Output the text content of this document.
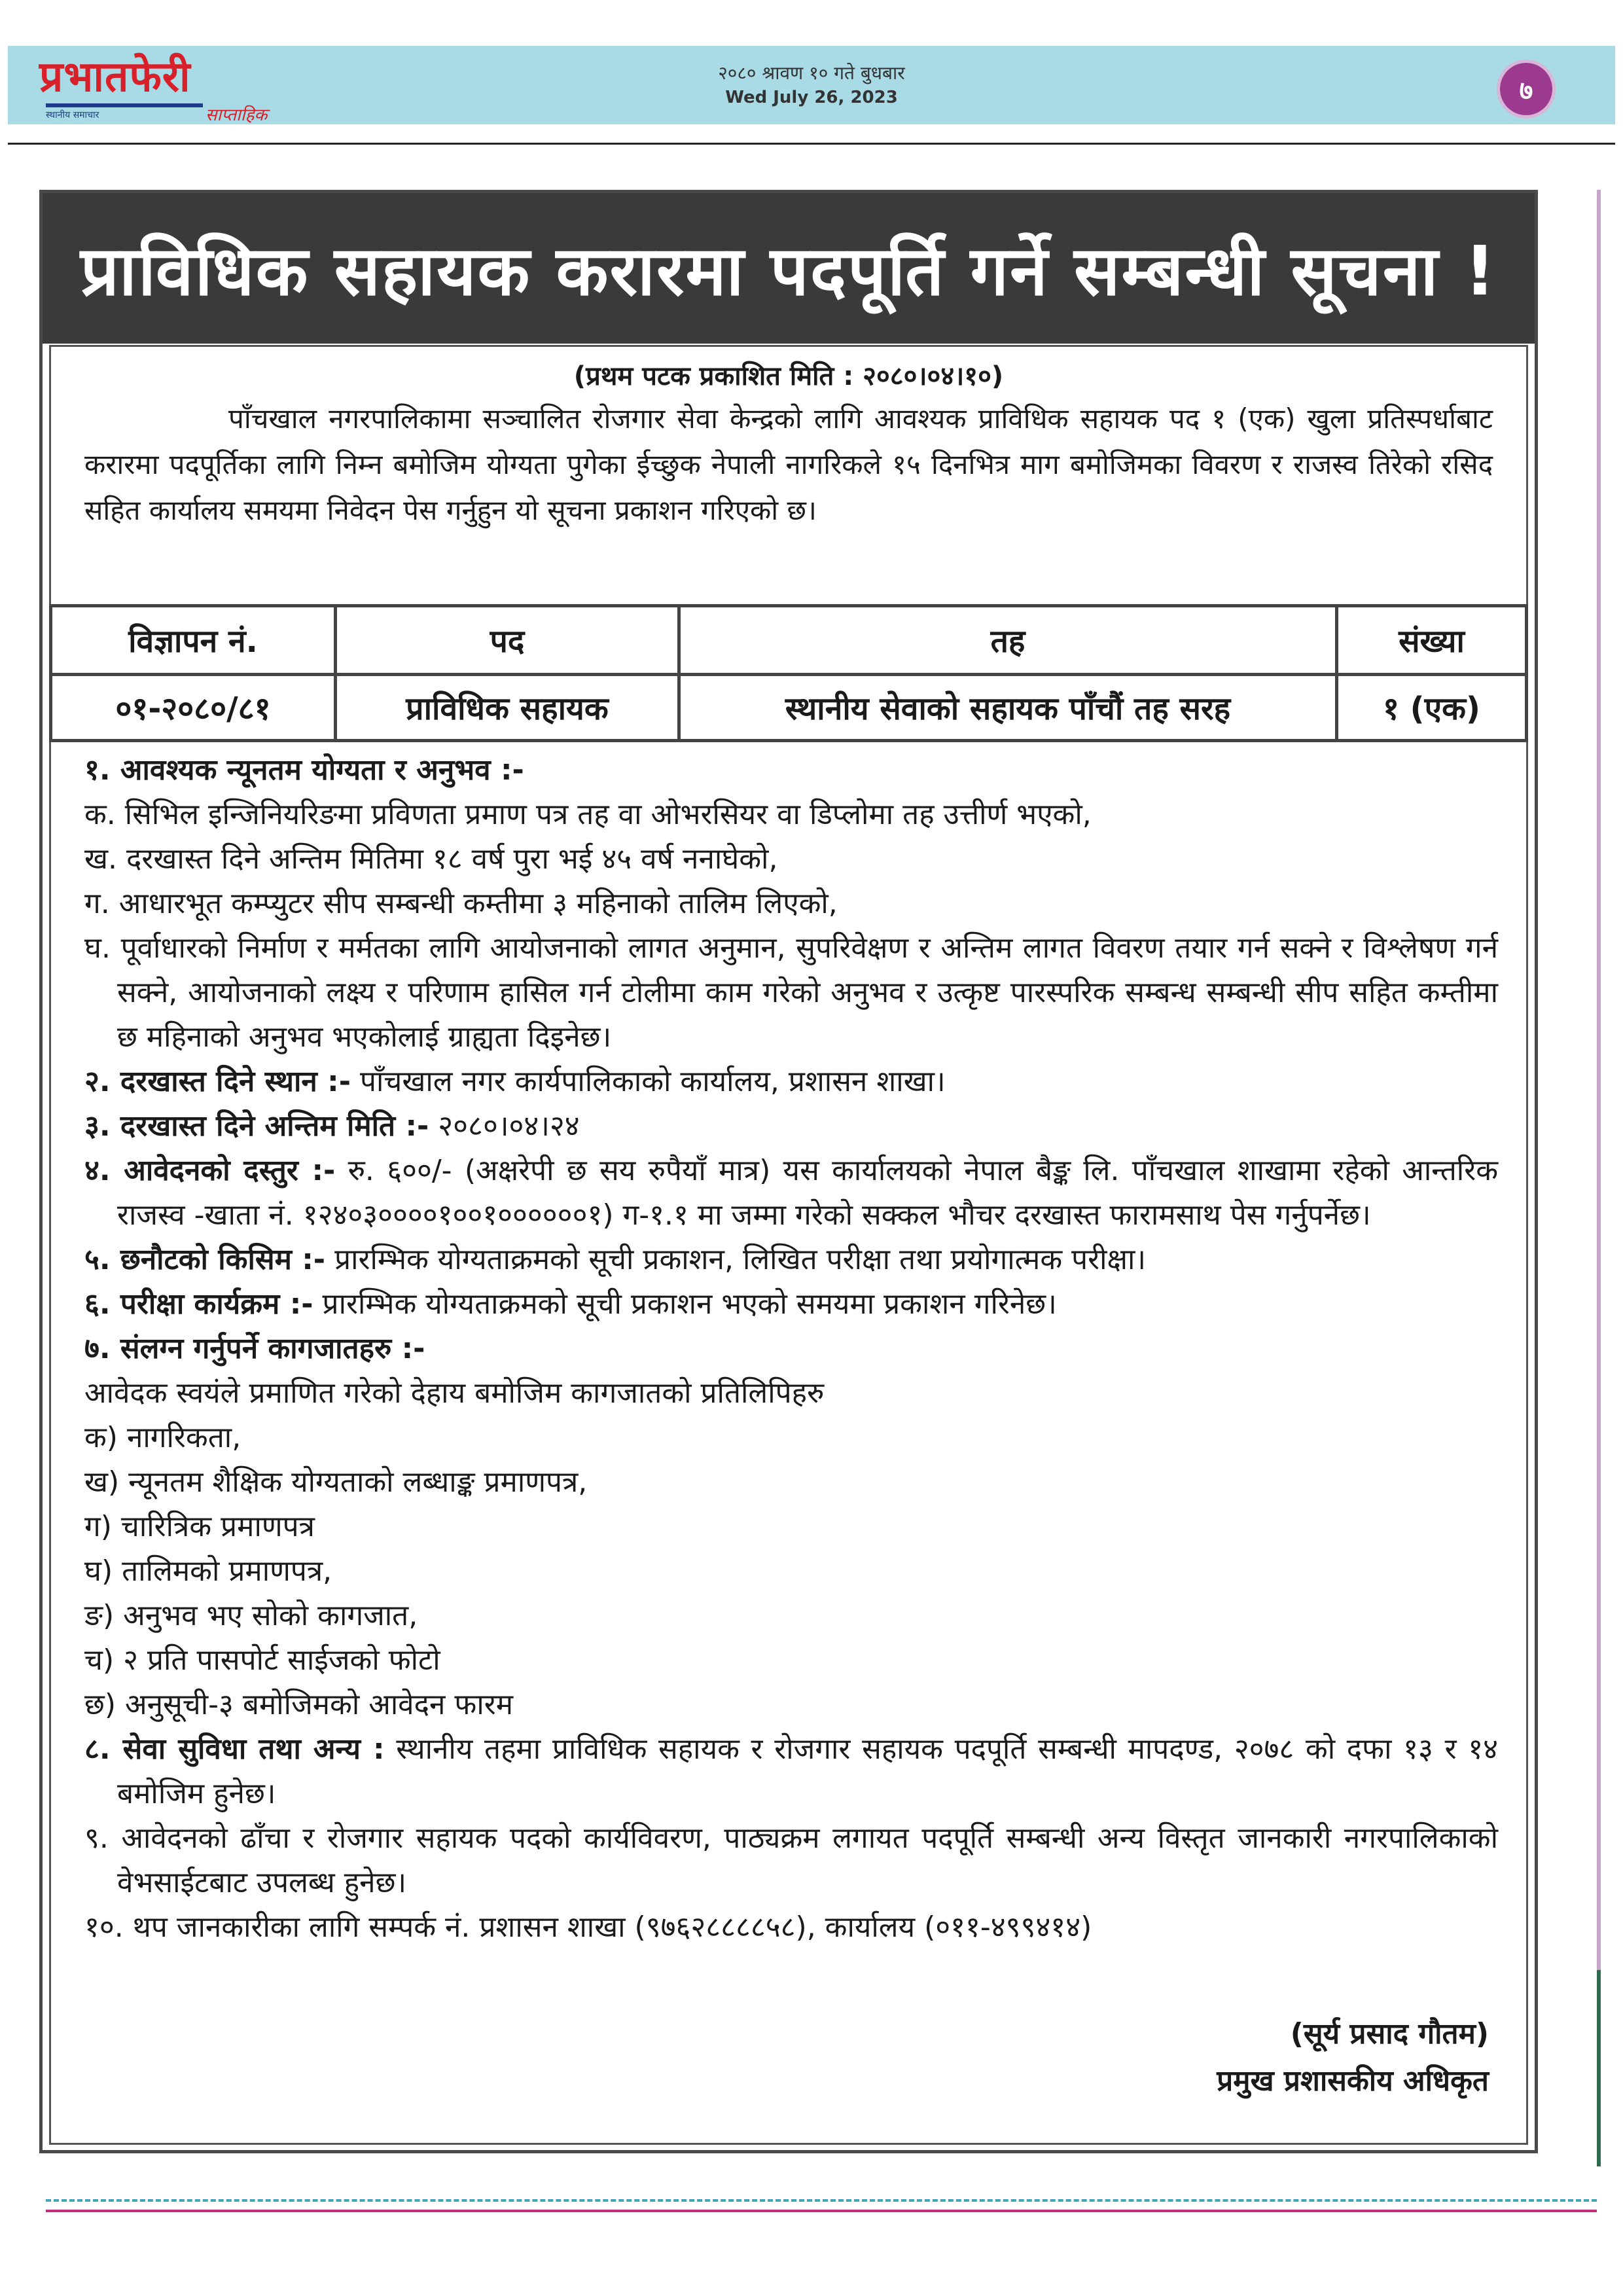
प्रभातफेरी
स्थानीय समाचार	साप्ताहिक
२०८० श्रावण १० गते बुधबार
Wed July 26, 2023	७
प्राविधिक सहायक करारमा पदपूर्ति गर्ने सम्बन्धी सूचना !
(प्रथम पटक प्रकाशित मिति : २०८०।०४।१०)
पाँचखाल नगरपालिकामा सञ्चालित रोजगार सेवा केन्द्रको लागि आवश्यक प्राविधिक सहायक पद १ (एक) खुला प्रतिस्पर्धाबाट करारमा पदपूर्तिका लागि निम्न बमोजिम योग्यता पुगेका ईच्छुक नेपाली नागरिकले १५ दिनभित्र माग बमोजिमका विवरण र राजस्व तिरेको रसिद सहित कार्यालय समयमा निवेदन पेस गर्नुहुन यो सूचना प्रकाशन गरिएको छ।
विज्ञापन नं.	पद	तह	संख्या
०१-२०८०/८१	प्राविधिक सहायक	स्थानीय सेवाको सहायक पाँचौं तह सरह	१ (एक)

१. आवश्यक न्यूनतम योग्यता र अनुभव :-

क. सिभिल इन्जिनियरिङमा प्रविणता प्रमाण पत्र तह वा ओभरसियर वा डिप्लोमा तह उत्तीर्ण भएको,

ख. दरखास्त दिने अन्तिम मितिमा १८ वर्ष पुरा भई ४५ वर्ष ननाघेको,

ग. आधारभूत कम्प्युटर सीप सम्बन्धी कम्तीमा ३ महिनाको तालिम लिएको,

घ. पूर्वाधारको निर्माण र मर्मतका लागि आयोजनाको लागत अनुमान, सुपरिवेक्षण र अन्तिम लागत विवरण तयार गर्न सक्ने र विश्लेषण गर्न सक्ने, आयोजनाको लक्ष्य र परिणाम हासिल गर्न टोलीमा काम गरेको अनुभव र उत्कृष्ट पारस्परिक सम्बन्ध सम्बन्धी सीप सहित कम्तीमा छ महिनाको अनुभव भएकोलाई ग्राह्यता दिइनेछ।

२. दरखास्त दिने स्थान :- पाँचखाल नगर कार्यपालिकाको कार्यालय, प्रशासन शाखा।

३. दरखास्त दिने अन्तिम मिति :- २०८०।०४।२४

४. आवेदनको दस्तुर :- रु. ६००/- (अक्षरेपी छ सय रुपैयाँ मात्र) यस कार्यालयको नेपाल बैङ्क लि. पाँचखाल शाखामा रहेको आन्तरिक राजस्व -खाता नं. १२४०३००००१००१००००००१) ग-१.१ मा जम्मा गरेको सक्कल भौचर दरखास्त फारामसाथ पेस गर्नुपर्नेछ।

५. छनौटको किसिम :- प्रारम्भिक योग्यताक्रमको सूची प्रकाशन, लिखित परीक्षा तथा प्रयोगात्मक परीक्षा।

६. परीक्षा कार्यक्रम :- प्रारम्भिक योग्यताक्रमको सूची प्रकाशन भएको समयमा प्रकाशन गरिनेछ।

७. संलग्न गर्नुपर्ने कागजातहरु :-

आवेदक स्वयंले प्रमाणित गरेको देहाय बमोजिम कागजातको प्रतिलिपिहरु

क) नागरिकता,

ख) न्यूनतम शैक्षिक योग्यताको लब्धाङ्क प्रमाणपत्र,

ग) चारित्रिक प्रमाणपत्र

घ) तालिमको प्रमाणपत्र,

ङ) अनुभव भए सोको कागजात,

च) २ प्रति पासपोर्ट साईजको फोटो

छ) अनुसूची-३ बमोजिमको आवेदन फारम

८. सेवा सुविधा तथा अन्य : स्थानीय तहमा प्राविधिक सहायक र रोजगार सहायक पदपूर्ति सम्बन्धी मापदण्ड, २०७८ को दफा १३ र १४ बमोजिम हुनेछ।

९. आवेदनको ढाँचा र रोजगार सहायक पदको कार्यविवरण, पाठ्यक्रम लगायत पदपूर्ति सम्बन्धी अन्य विस्तृत जानकारी नगरपालिकाको वेभसाईटबाट उपलब्ध हुनेछ।

१०. थप जानकारीका लागि सम्पर्क नं. प्रशासन शाखा (९७६२८८८८५८), कार्यालय (०११-४९९४१४)

(सूर्य प्रसाद गौतम)
प्रमुख प्रशासकीय अधिकृत
